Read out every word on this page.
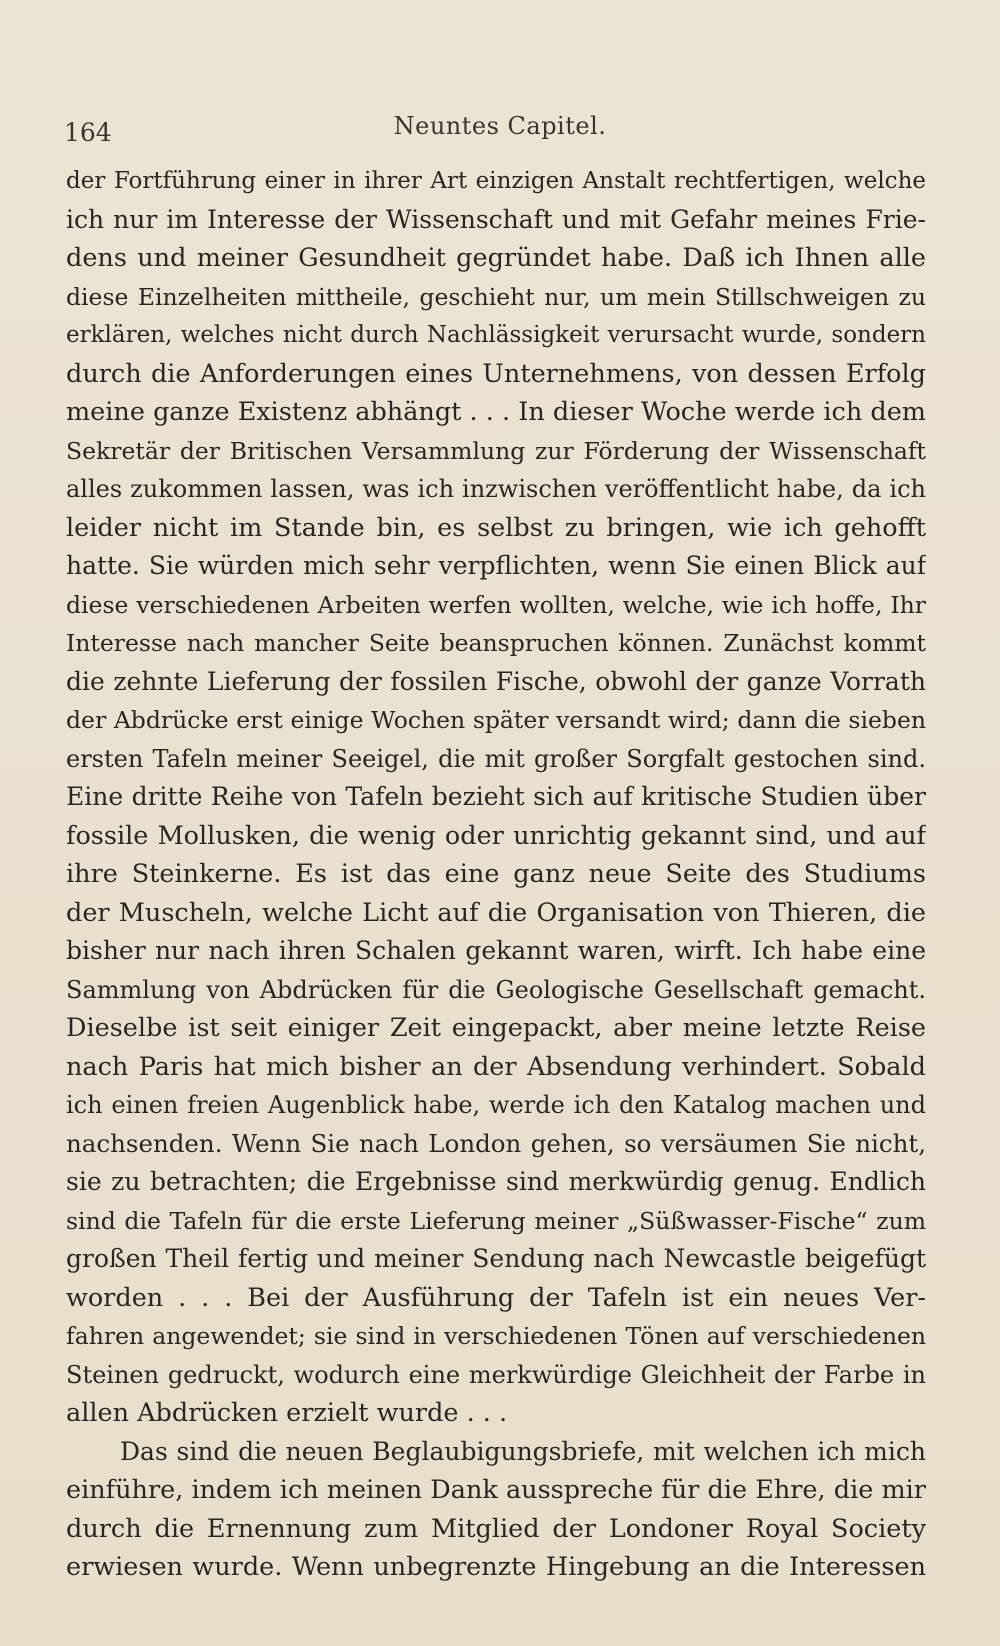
164	Neuntes Capitel.
der Fortführung einer in ihrer Art einzigen Anstalt rechtfertigen, welche
ich nur im Interesse der Wissenschaft und mit Gefahr meines Frie-
dens und meiner Gesundheit gegründet habe. Daß ich Ihnen alle
diese Einzelheiten mittheile, geschieht nur, um mein Stillschweigen zu
erklären, welches nicht durch Nachlässigkeit verursacht wurde, sondern
durch die Anforderungen eines Unternehmens, von dessen Erfolg
meine ganze Existenz abhängt . . . In dieser Woche werde ich dem
Sekretär der Britischen Versammlung zur Förderung der Wissenschaft
alles zukommen lassen, was ich inzwischen veröffentlicht habe, da ich
leider nicht im Stande bin, es selbst zu bringen, wie ich gehofft
hatte. Sie würden mich sehr verpflichten, wenn Sie einen Blick auf
diese verschiedenen Arbeiten werfen wollten, welche, wie ich hoffe, Ihr
Interesse nach mancher Seite beanspruchen können. Zunächst kommt
die zehnte Lieferung der fossilen Fische, obwohl der ganze Vorrath
der Abdrücke erst einige Wochen später versandt wird; dann die sieben
ersten Tafeln meiner Seeigel, die mit großer Sorgfalt gestochen sind.
Eine dritte Reihe von Tafeln bezieht sich auf kritische Studien über
fossile Mollusken, die wenig oder unrichtig gekannt sind, und auf
ihre Steinkerne. Es ist das eine ganz neue Seite des Studiums
der Muscheln, welche Licht auf die Organisation von Thieren, die
bisher nur nach ihren Schalen gekannt waren, wirft. Ich habe eine
Sammlung von Abdrücken für die Geologische Gesellschaft gemacht.
Dieselbe ist seit einiger Zeit eingepackt, aber meine letzte Reise
nach Paris hat mich bisher an der Absendung verhindert. Sobald
ich einen freien Augenblick habe, werde ich den Katalog machen und
nachsenden. Wenn Sie nach London gehen, so versäumen Sie nicht,
sie zu betrachten; die Ergebnisse sind merkwürdig genug. Endlich
sind die Tafeln für die erste Lieferung meiner „Süßwasser-Fische“ zum
großen Theil fertig und meiner Sendung nach Newcastle beigefügt
worden . . . Bei der Ausführung der Tafeln ist ein neues Ver-
fahren angewendet; sie sind in verschiedenen Tönen auf verschiedenen
Steinen gedruckt, wodurch eine merkwürdige Gleichheit der Farbe in
allen Abdrücken erzielt wurde . . .
Das sind die neuen Beglaubigungsbriefe, mit welchen ich mich
einführe, indem ich meinen Dank ausspreche für die Ehre, die mir
durch die Ernennung zum Mitglied der Londoner Royal Society
erwiesen wurde. Wenn unbegrenzte Hingebung an die Interessen
